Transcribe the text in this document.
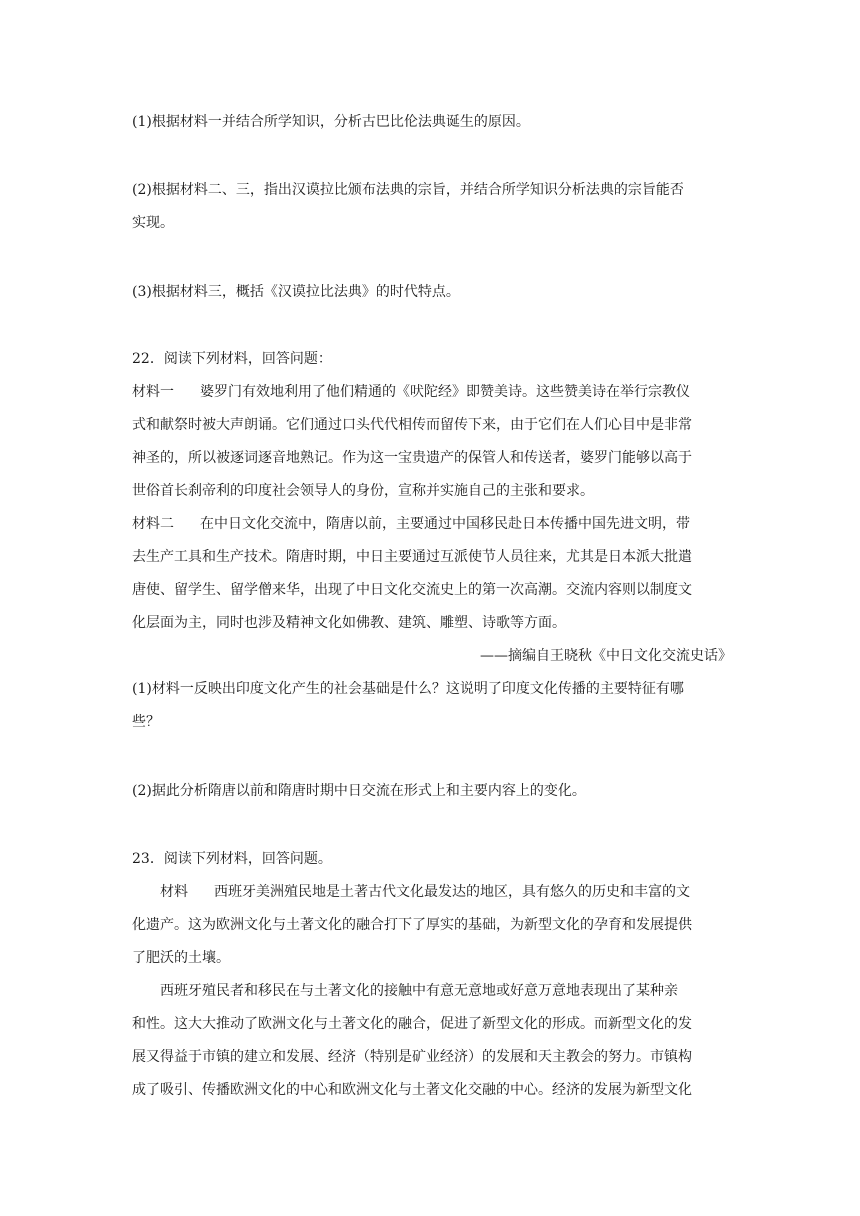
(1)根据材料一并结合所学知识，分析古巴比伦法典诞生的原因。
(2)根据材料二、三，指出汉谟拉比颁布法典的宗旨，并结合所学知识分析法典的宗旨能否
实现。
(3)根据材料三，概括《汉谟拉比法典》的时代特点。
22．阅读下列材料，回答问题：
材料一 婆罗门有效地利用了他们精通的《吠陀经》即赞美诗。这些赞美诗在举行宗教仪
式和献祭时被大声朗诵。它们通过口头代代相传而留传下来，由于它们在人们心目中是非常
神圣的，所以被逐词逐音地熟记。作为这一宝贵遗产的保管人和传送者，婆罗门能够以高于
世俗首长刹帝利的印度社会领导人的身份，宣称并实施自己的主张和要求。
材料二 在中日文化交流中，隋唐以前，主要通过中国移民赴日本传播中国先进文明，带
去生产工具和生产技术。隋唐时期，中日主要通过互派使节人员往来，尤其是日本派大批遣
唐使、留学生、留学僧来华，出现了中日文化交流史上的第一次高潮。交流内容则以制度文
化层面为主，同时也涉及精神文化如佛教、建筑、雕塑、诗歌等方面。
——摘编自王晓秋《中日文化交流史话》
(1)材料一反映出印度文化产生的社会基础是什么？这说明了印度文化传播的主要特征有哪
些？
(2)据此分析隋唐以前和隋唐时期中日交流在形式上和主要内容上的变化。
23．阅读下列材料，回答问题。
材料 西班牙美洲殖民地是土著古代文化最发达的地区，具有悠久的历史和丰富的文
化遗产。这为欧洲文化与土著文化的融合打下了厚实的基础，为新型文化的孕育和发展提供
了肥沃的土壤。
西班牙殖民者和移民在与土著文化的接触中有意无意地或好意万意地表现出了某种亲
和性。这大大推动了欧洲文化与土著文化的融合，促进了新型文化的形成。而新型文化的发
展又得益于市镇的建立和发展、经济（特别是矿业经济）的发展和天主教会的努力。市镇构
成了吸引、传播欧洲文化的中心和欧洲文化与土著文化交融的中心。经济的发展为新型文化
